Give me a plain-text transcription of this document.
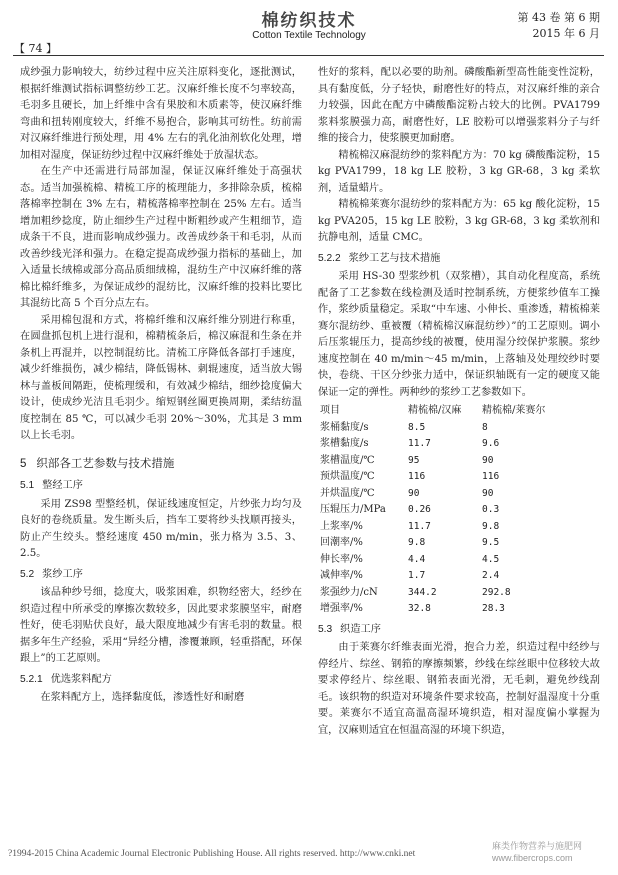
【 74 】
棉纺织技术
Cotton Textile Technology
第 43 卷 第 6 期
2015 年 6 月

成纱强力影响较大，纺纱过程中应关注原料变化，逐批测试，根据纤维测试指标调整纺纱工艺。汉麻纤维长度不匀率较高，毛羽多且硬长，加上纤维中含有果胶和木质素等，使汉麻纤维弯曲和扭转刚度较大，纤维不易抱合，影响其可纺性。纺前需对汉麻纤维进行预处理，用 4% 左右的乳化油剂软化处理，增加相对湿度，保证纺纱过程中汉麻纤维处于放湿状态。

在生产中还需进行局部加湿，保证汉麻纤维处于高强状态。适当加强梳棉、精梳工序的梳理能力，多排除杂质，梳棉落棉率控制在 3% 左右，精梳落棉率控制在 25% 左右。适当增加粗纱捻度，防止细纱生产过程中断粗纱或产生粗细节，造成条干不良，进而影响成纱强力。改善成纱条干和毛羽，从而改善纱线光泽和强力。在稳定提高成纱强力指标的基础上，加入适量长绒棉或部分高品质细绒棉，混纺生产中汉麻纤维的落棉比棉纤维多，为保证成纱的混纺比，汉麻纤维的投料比要比其混纺比高 5 个百分点左右。

采用棉包混和方式，将棉纤维和汉麻纤维分别进行称重，在圆盘抓包机上进行混和，棉精梳条后，棉汉麻混和生条在并条机上再混并，以控制混纺比。清梳工序降低各部打手速度，减少纤维损伤，减少棉结，降低锡林、刺辊速度，适当放大锡林与盖板间隔距，使梳理缓和，有效减少棉结，细纱捻度偏大设计，使成纱光洁且毛羽少。缩短钢丝圈更换周期，柔结纺温度控制在 85 ℃，可以减少毛羽 20%～30%，尤其是 3 mm 以上长毛羽。

5 织部各工艺参数与技术措施
5.1 整经工序

采用 ZS98 型整经机，保证线速度恒定，片纱张力均匀及良好的卷绕质量。发生断头后，挡车工要将纱头找顺再接头，防止产生绞头。整经速度 450 m/min，张力格为 3.5、3、2.5。

5.2 浆纱工序

该品种纱号细，捻度大，吸浆困难，织物经密大，经纱在织造过程中所承受的摩擦次数较多，因此要求浆膜坚牢，耐磨性好，使毛羽贴伏良好，最大限度地减少有害毛羽的数量。根据多年生产经验，采用“异经分槽，渗覆兼顾，轻重搭配，环保跟上”的工艺原则。

5.2.1 优选浆料配方

在浆料配方上，选择黏度低，渗透性好和耐磨

性好的浆料，配以必要的助剂。磷酸酯新型高性能变性淀粉，具有黏度低，分子轻快，耐磨性好的特点，对汉麻纤维的亲合力较强，因此在配方中磷酸酯淀粉占较大的比例。PVA1799 浆料浆膜强力高，耐磨性好，LE 胶粉可以增强浆料分子与纤维的接合力，使浆膜更加耐磨。

精梳棉汉麻混纺纱的浆料配方为：70 kg 磷酸酯淀粉，15 kg PVA1799，18 kg LE 胶粉，3 kg GR-68，3 kg 柔软剂，适量蜡片。

精梳棉莱赛尔混纺纱的浆料配方为：65 kg 酸化淀粉，15 kg PVA205，15 kg LE 胶粉，3 kg GR-68，3 kg 柔软剂和抗静电剂，适量 CMC。

5.2.2 浆纱工艺与技术措施

采用 HS-30 型浆纱机（双浆槽），其自动化程度高，系统配备了工艺参数在线检测及适时控制系统，方便浆纱值车工操作，浆纱质量稳定。采取“中车速、小伸长、重渗透，精梳棉莱赛尔混纺纱、重被覆（精梳棉汉麻混纺纱）”的工艺原则。调小后压浆辊压力，提高纱线的被覆，使用湿分绞保护浆膜。浆纱速度控制在 40 m/min～45 m/min，上落轴及处理绞纱时要快，卷绕、干区分纱张力适中，保证织轴既有一定的硬度又能保证一定的弹性。两种纱的浆纱工艺参数如下。

项目	精梳棉/汉麻	精梳棉/莱赛尔
浆桶黏度/s	8.5	8
浆槽黏度/s	11.7	9.6
浆槽温度/℃	95	90
预烘温度/℃	116	116
并烘温度/℃	90	90
压辊压力/MPa	0.26	0.3
上浆率/%	11.7	9.8
回潮率/%	9.8	9.5
伸长率/%	4.4	4.5
减伸率/%	1.7	2.4
浆强纱力/cN	344.2	292.8
增强率/%	32.8	28.3
5.3 织造工序

由于莱赛尔纤维表面光滑，抱合力差，织造过程中经纱与停经片、综丝、钢筘的摩擦频繁，纱线在综丝眼中位移较大故要求停经片、综丝眼、钢筘表面光滑，无毛刺，避免纱线刮毛。该织物的织造对环境条件要求较高，控制好温湿度十分重要。莱赛尔不适宜高温高湿环境织造，相对湿度偏小掌握为宜，汉麻则适宜在恒温高湿的环境下织造，

?1994-2015 China Academic Journal Electronic Publishing House. All rights reserved. http://www.cnki.net
麻类作物营养与施肥网
www.fibercrops.com
